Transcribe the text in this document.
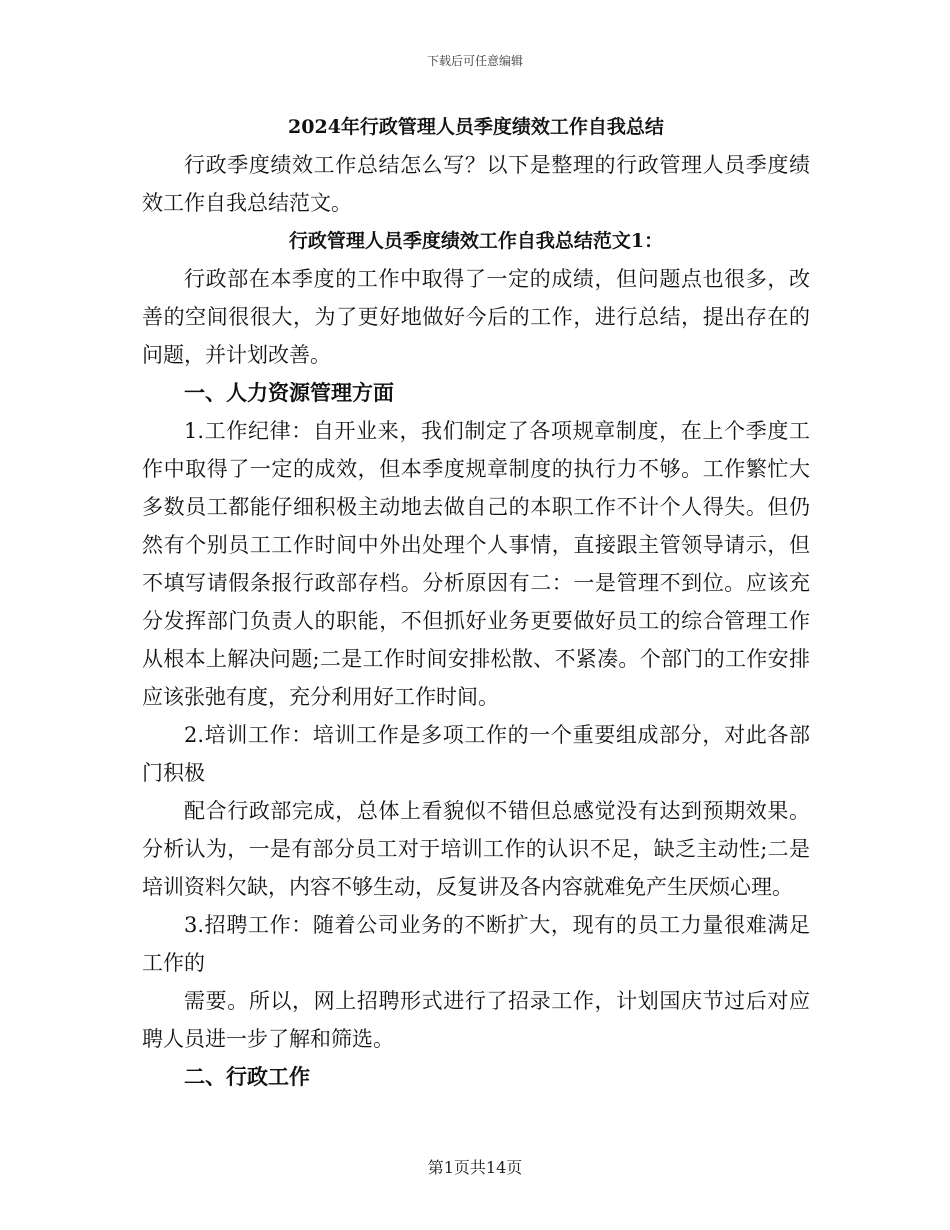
下载后可任意编辑

2024年行政管理人员季度绩效工作自我总结

行政季度绩效工作总结怎么写？以下是整理的行政管理人员季度绩效工作自我总结范文。

行政管理人员季度绩效工作自我总结范文1：

行政部在本季度的工作中取得了一定的成绩，但问题点也很多，改善的空间很很大，为了更好地做好今后的工作，进行总结，提出存在的问题，并计划改善。

一、人力资源管理方面

1.工作纪律：自开业来，我们制定了各项规章制度，在上个季度工作中取得了一定的成效，但本季度规章制度的执行力不够。工作繁忙大多数员工都能仔细积极主动地去做自己的本职工作不计个人得失。但仍然有个别员工工作时间中外出处理个人事情，直接跟主管领导请示，但不填写请假条报行政部存档。分析原因有二：一是管理不到位。应该充分发挥部门负责人的职能，不但抓好业务更要做好员工的综合管理工作从根本上解决问题;二是工作时间安排松散、不紧凑。个部门的工作安排应该张弛有度，充分利用好工作时间。

2.培训工作：培训工作是多项工作的一个重要组成部分，对此各部门积极

配合行政部完成，总体上看貌似不错但总感觉没有达到预期效果。分析认为，一是有部分员工对于培训工作的认识不足，缺乏主动性;二是培训资料欠缺，内容不够生动，反复讲及各内容就难免产生厌烦心理。

3.招聘工作：随着公司业务的不断扩大，现有的员工力量很难满足工作的

需要。所以，网上招聘形式进行了招录工作，计划国庆节过后对应聘人员进一步了解和筛选。

二、行政工作

第1页共14页
